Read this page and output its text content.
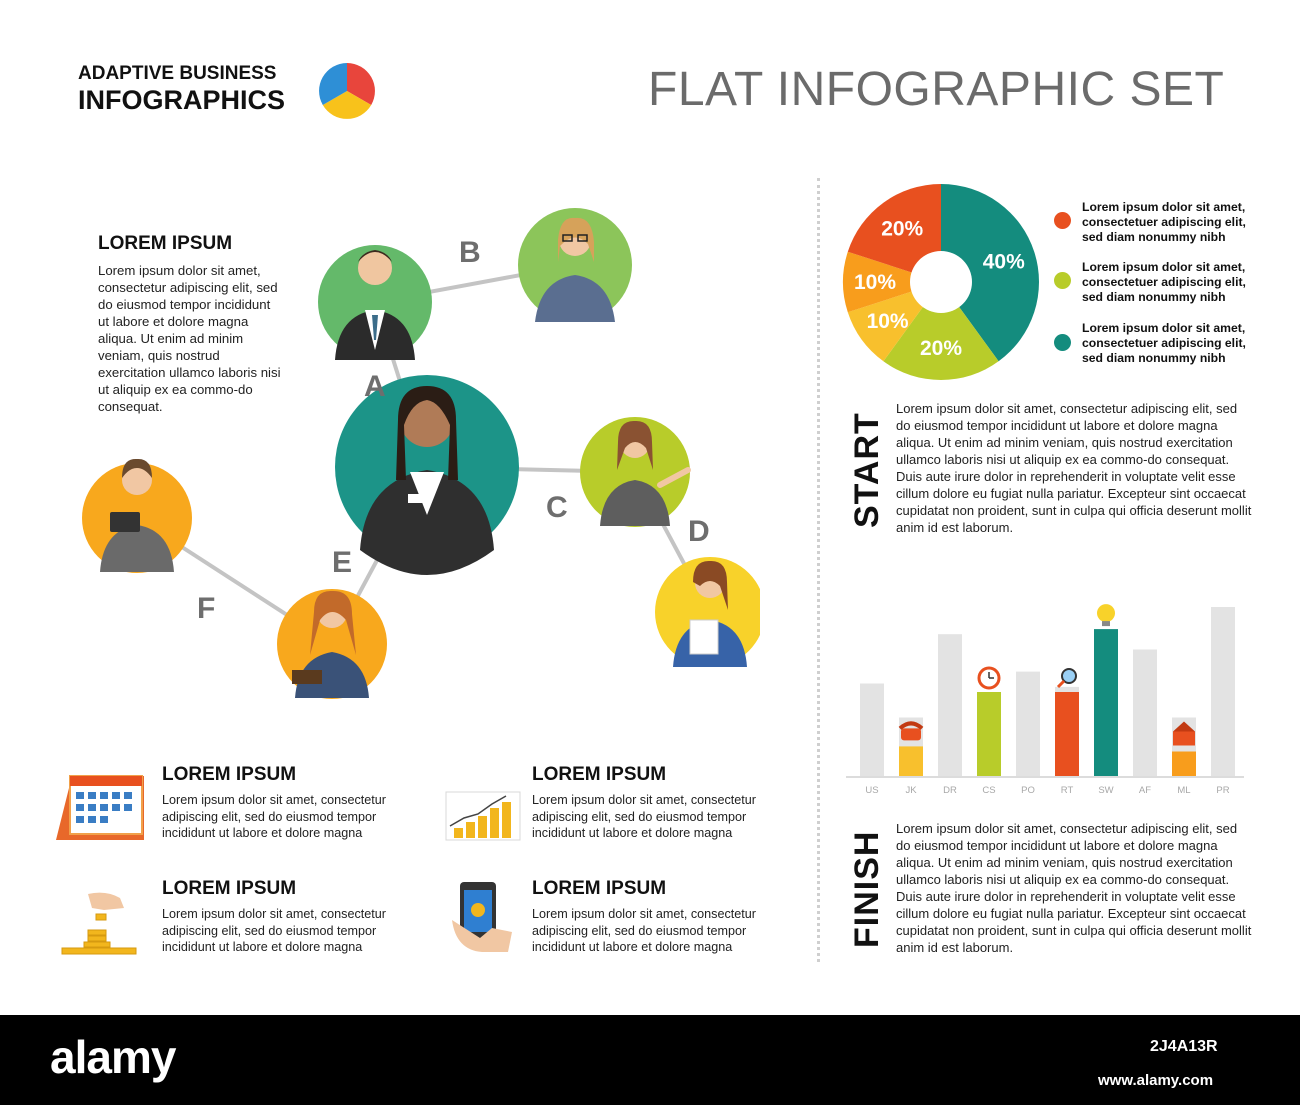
ADAPTIVE BUSINESS
INFOGRAPHICS	FLAT INFOGRAPHIC SET
LOREM IPSUM
Lorem ipsum dolor sit amet, consectetur adipiscing elit, sed do eiusmod tempor incididunt ut labore et dolore magna aliqua. Ut enim ad minim veniam, quis nostrud exercitation ullamco laboris nisi ut aliquip ex ea commo-do consequat.
B
A
C
D
E
F
LOREM IPSUM
Lorem ipsum dolor sit amet, consectetur adipiscing elit, sed do eiusmod tempor incididunt ut labore et dolore magna
LOREM IPSUM
Lorem ipsum dolor sit amet, consectetur adipiscing elit, sed do eiusmod tempor incididunt ut labore et dolore magna
LOREM IPSUM
Lorem ipsum dolor sit amet, consectetur adipiscing elit, sed do eiusmod tempor incididunt ut labore et dolore magna
LOREM IPSUM
Lorem ipsum dolor sit amet, consectetur adipiscing elit, sed do eiusmod tempor incididunt ut labore et dolore magna
40%
20%
10%
10%
20%
Lorem ipsum dolor sit amet, consectetuer adipiscing elit, sed diam nonummy nibh
Lorem ipsum dolor sit amet, consectetuer adipiscing elit, sed diam nonummy nibh
Lorem ipsum dolor sit amet, consectetuer adipiscing elit, sed diam nonummy nibh
START
Lorem ipsum dolor sit amet, consectetur adipiscing elit, sed do eiusmod tempor incididunt ut labore et dolore magna aliqua. Ut enim ad minim veniam, quis nostrud exercitation ullamco laboris nisi ut aliquip ex ea commo-do consequat. Duis aute irure dolor in reprehenderit in voluptate velit esse cillum dolore eu fugiat nulla pariatur. Excepteur sint occaecat cupidatat non proident, sunt in culpa qui officia deserunt mollit anim id est laborum.
US	JK	DR	CS	PO	RT	SW	AF	ML	PR
FINISH
Lorem ipsum dolor sit amet, consectetur adipiscing elit, sed do eiusmod tempor incididunt ut labore et dolore magna aliqua. Ut enim ad minim veniam, quis nostrud exercitation ullamco laboris nisi ut aliquip ex ea commo-do consequat. Duis aute irure dolor in reprehenderit in voluptate velit esse cillum dolore eu fugiat nulla pariatur. Excepteur sint occaecat cupidatat non proident, sunt in culpa qui officia deserunt mollit anim id est laborum.
alamy	2J4A13R
www.alamy.com
